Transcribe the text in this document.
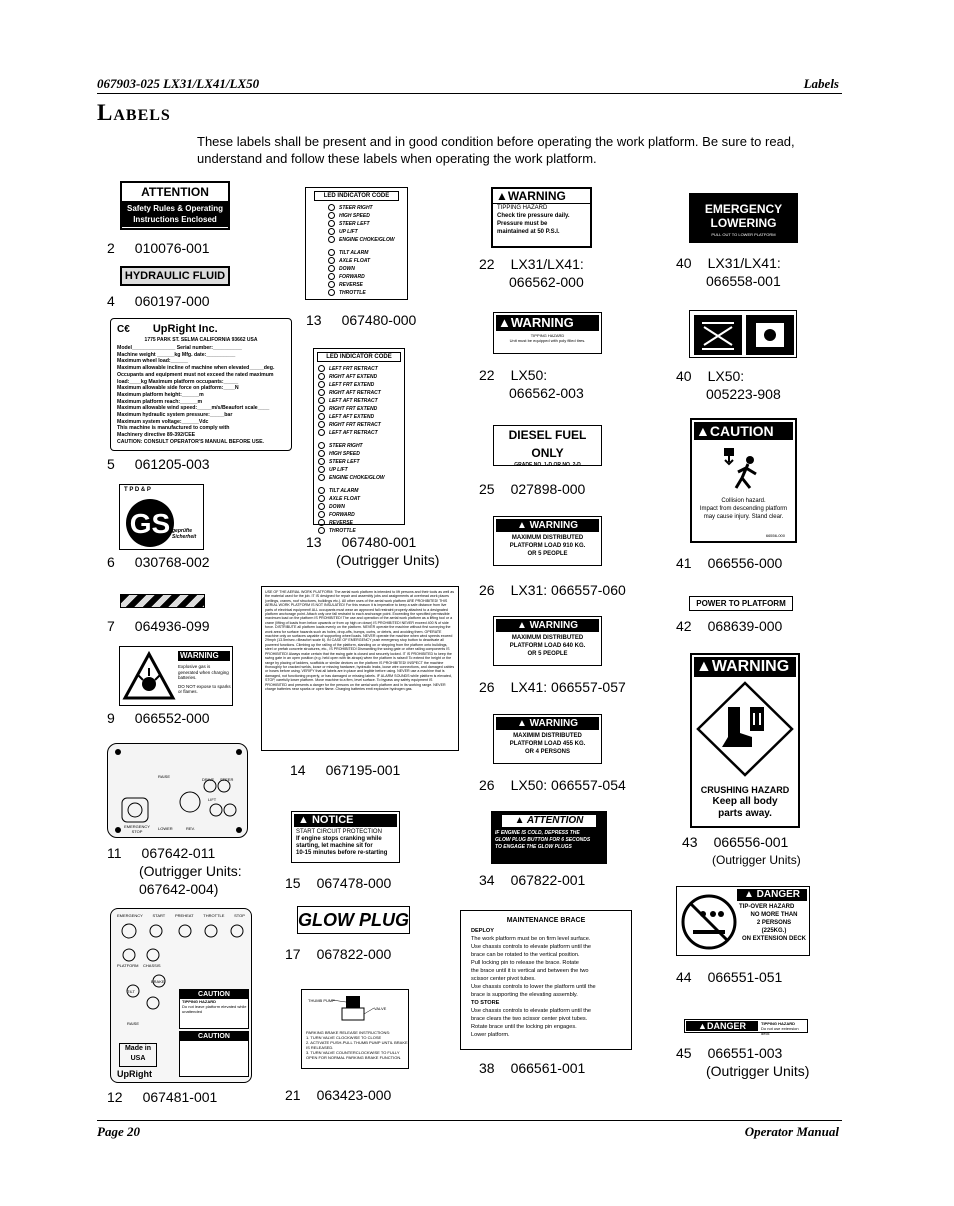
067903-025 LX31/LX41/LX50	Labels
Labels
These labels shall be present and in good condition before operating the work platform. Be sure to read, understand and follow these labels when operating the work platform.
ATTENTION
Safety Rules & Operating
Instructions Enclosed
2 010076-001
HYDRAULIC FLUID
4 060197-000
C€ UpRight Inc.
1775 PARK ST. SELMA CALIFORNIA 93662 USA
Model_______________ Serial number:__________
Machine weight ______kg Mfg. date:__________
Maximum wheel load:______
Maximum allowable incline of machine when elevated_____deg.
Occupants and equipment must not exceed the rated maximum
load:____kg Maximum platform occupants:_____
Maximum allowable side force on platform:____N
Maximum platform height:______m
Maximum platform reach:______m
Maximum allowable wind speed:_____m/s/Beaufort scale____
Maximum hydraulic system pressure:_____bar
Maximum system voltage:______Vdc
This machine is manufactured to comply with
Machinery directive 89-392/CEE
CAUTION: CONSULT OPERATOR'S MANUAL BEFORE USE.
5 061205-003
T P D & P
GS geprüfte
Sicherheit
6 030768-002
7 064936-099
WARNING
Explosive gas is
generated when charging
batteries.
DO NOT expose to sparks
or flames.
9 066552-000
RAISE
DRIVE STEER
LOWER
EMERGENCY STOP
LIFT
REV.
11 067642-011
(Outrigger Units:
067642-004)
EMERGENCY START PREHEAT THROTTLE STOP
PLATFORM CHASSIS
TILT
BRAKE
RAISE
CAUTION
TIPPING HAZARD
Do not leave platform elevated while unattended
CAUTION
Made in
USA
UpRight
12 067481-001
LED INDICATOR CODE
STEER RIGHT
HIGH SPEED
STEER LEFT
UP LIFT
ENGINE CHOKE/GLOW
TILT ALARM
AXLE FLOAT
DOWN
FORWARD
REVERSE
THROTTLE
13 067480-000
LED INDICATOR CODE
LEFT FRT RETRACT
RIGHT AFT EXTEND
LEFT FRT EXTEND
RIGHT AFT RETRACT
LEFT AFT RETRACT
RIGHT FRT EXTEND
LEFT AFT EXTEND
RIGHT FRT RETRACT
LEFT AFT RETRACT
STEER RIGHT
HIGH SPEED
STEER LEFT
UP LIFT
ENGINE CHOKE/GLOW
TILT ALARM
AXLE FLOAT
DOWN
FORWARD
REVERSE
THROTTLE
13 067480-001
(Outrigger Units)
USE OF THE AERIAL WORK PLATFORM: The aerial work platform is intended to lift persons and their tools as well as the material used for the job. IT IS designed for repair and assembly jobs and assignments at overhead work places (ceilings, cranes, roof structures, buildings etc.). All other uses of the aerial work platform ARE PROHIBITED! THIS AERIAL WORK PLATFORM IS NOT INSULATED! For this reason it is imperative to keep a safe distance from live parts of electrical equipment! ALL occupants must wear an approved fall restraint properly attached to a designated platform anchorage point. Attach only one fall restraint to each anchorage point. Exceeding the specified permissible maximum load on the platform IS PROHIBITED! The use and operation of the aerial work platform as a lifting tool or a crane (lifting of loads from below upwards or from up high on down) IS PROHIBITED! NEVER exceed 400 N of side force. DISTRIBUTE all platform loads evenly on the platform. NEVER operate the machine without first surveying the work area for surface hazards such as holes, drop-offs, bumps, curbs, or debris, and avoiding them. OPERATE machine only on surfaces capable of supporting wheel loads. NEVER operate the machine when wind speeds exceed 29mph (13.5m/sec.=Beaufort scale 6). IN CASE OF EMERGENCY push emergency stop button to deactivate all powered functions. Climbing up the railing of the platform, standing on or stepping from the platform onto buildings, steel or prefab concrete structures, etc., IS PROHIBITED! Dismantling the swing gate or other railing components IS PROHIBITED! Always make certain that the swing gate is closed and securely locked. IT IS PROHIBITED to keep the swing gate in an open position (e.g. held open with tie-straps) when the platform is raised! To extend the height or the range by placing of ladders, scaffolds or similar devices on the platform IS PROHIBITED! INSPECT the machine thoroughly for cracked welds, loose or missing hardware, hydraulic leaks, loose wire connections, and damaged cables or hoses before using. VERIFY that all labels are in place and legible before using. NEVER use a machine that is damaged, not functioning properly, or has damaged or missing labels. IF ALARM SOUNDS while platform is elevated, STOP, carefully lower platform. Move machine to a firm, level surface. To bypass any safety equipment IS PROHIBITED and presents a danger for the persons on the aerial work platform and in its working range. NEVER charge batteries near sparks or open flame. Charging batteries emit explosive hydrogen gas.
14 067195-001
▲ NOTICE
START CIRCUIT PROTECTION
If engine stops cranking while
starting, let machine sit for
10-15 minutes before re-starting
15 067478-000
GLOW PLUG
17 067822-000
THUMB PUMP
VALVE
PARKING BRAKE RELEASE INSTRUCTIONS:
1. TURN VALVE CLOCKWISE TO CLOSE
2. ACTIVATE PUSH-PULL THUMB PUMP UNTIL BRAKE IS RELEASED.
3. TURN VALVE COUNTERCLOCKWISE TO FULLY OPEN FOR NORMAL PARKING BRAKE FUNCTION.
21 063423-000
▲WARNING
TIPPING HAZARD
Check tire pressure daily.
Pressure must be
maintained at 50 P.S.I.
22 LX31/LX41:
066562-000
▲WARNING
TIPPING HAZARD
Unit must be equipped with poly filled tires.
22 LX50:
066562-003
DIESEL FUEL ONLY
GRADE NO. 1-D OR NO. 2-D
25 027898-000
▲ WARNING
MAXIMUM DISTRIBUTED
PLATFORM LOAD 910 KG.
OR 5 PEOPLE
26 LX31: 066557-060
▲ WARNING
MAXIMUM DISTRIBUTED
PLATFORM LOAD 640 KG.
OR 5 PEOPLE
26 LX41: 066557-057
▲ WARNING
MAXIMIM DISTRIBUTED
PLATFORM LOAD 455 KG.
OR 4 PERSONS
26 LX50: 066557-054
▲ ATTENTION
IF ENGINE IS COLD, DEPRESS THE
GLOW PLUG BUTTON FOR 6 SECONDS
TO ENGAGE THE GLOW PLUGS
34 067822-001
MAINTENANCE BRACE
DEPLOY
The work platform must be on firm level surface.
Use chassis controls to elevate platform until the
brace can be rotated to the vertical position.
Pull locking pin to release the brace. Rotate
the brace until it is vertical and between the two
scissor center pivot tubes.
Use chassis controls to lower the platform until the
brace is supporting the elevating assembly.
TO STORE
Use chassis controls to elevate platform until the
brace clears the two scissor center pivot tubes.
Rotate brace until the locking pin engages.
Lower platform.
38 066561-001
EMERGENCY
LOWERING
PULL OUT TO LOWER PLATFORM
40 LX31/LX41:
066558-001
40 LX50:
005223-908
▲CAUTION
Collision hazard.
Impact from descending platform
may cause injury. Stand clear.
66556-000
41 066556-000
POWER TO PLATFORM
42 068639-000
▲WARNING
CRUSHING HAZARD
Keep all body
parts away.
43 066556-001
(Outrigger Units)
▲ DANGER
TIP-OVER HAZARD
NO MORE THAN
2 PERSONS
(225KG.)
ON EXTENSION DECK
44 066551-051
▲DANGER	TIPPING HAZARD
Do not use extension deck
45 066551-003
(Outrigger Units)
Page 20	Operator Manual
